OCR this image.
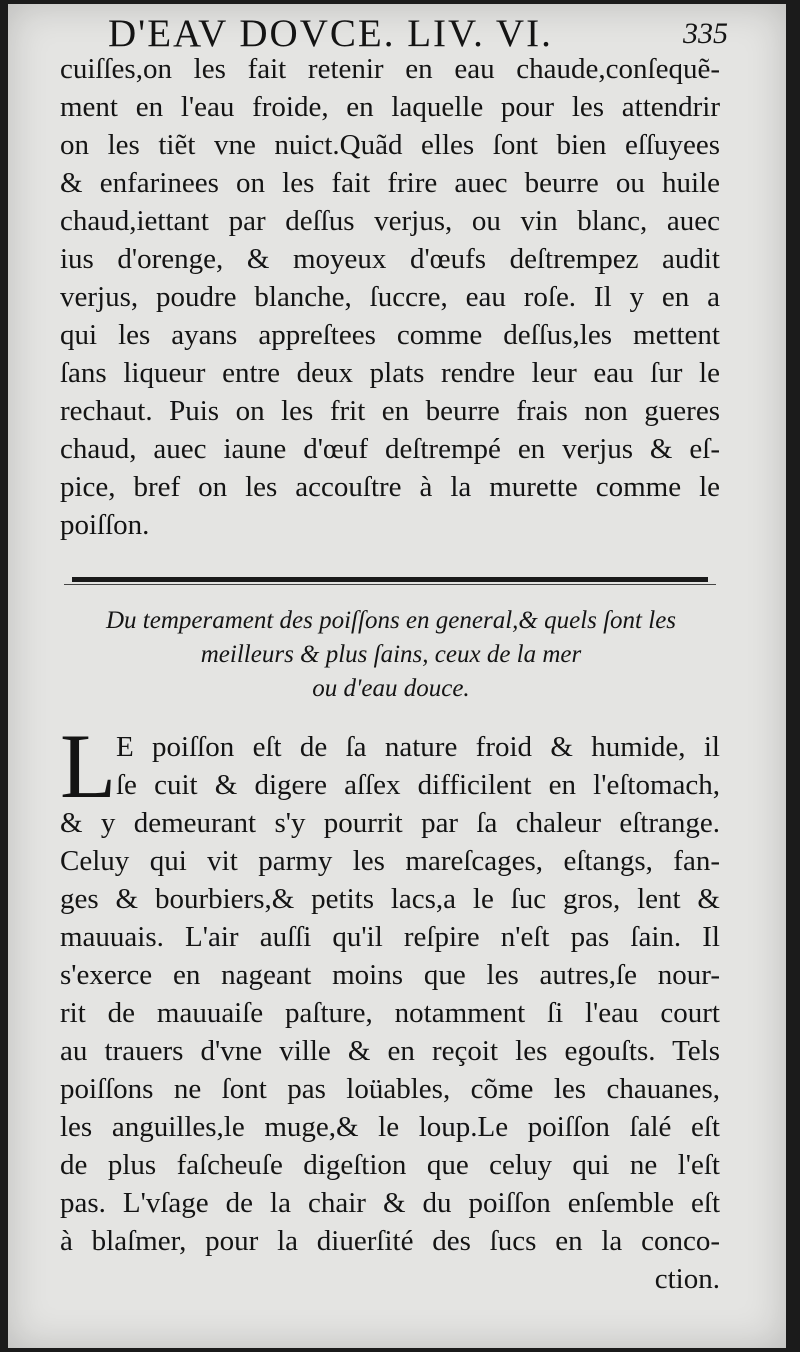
D'EAV DOVCE. LIV. VI.	335
cuiſſes,on les fait retenir en eau chaude,conſequẽ-
ment en l'eau froide, en laquelle pour les attendrir
on les tiẽt vne nuict.Quãd elles ſont bien eſſuyees
& enfarinees on les fait frire auec beurre ou huile
chaud,iettant par deſſus verjus, ou vin blanc, auec
ius d'orenge, & moyeux d'œufs deſtrempez audit
verjus, poudre blanche, ſuccre, eau roſe. Il y en a
qui les ayans appreſtees comme deſſus,les mettent
ſans liqueur entre deux plats rendre leur eau ſur le
rechaut. Puis on les frit en beurre frais non gueres
chaud, auec iaune d'œuf deſtrempé en verjus & eſ-
pice, bref on les accouſtre à la murette comme le
poiſſon.
Du temperament des poiſſons en general,& quels ſont les
meilleurs & plus ſains, ceux de la mer
ou d'eau douce.
L E poiſſon eſt de ſa nature froid & humide, il
ſe cuit & digere aſſex difficilent en l'eſtomach,
& y demeurant s'y pourrit par ſa chaleur eſtrange.
Celuy qui vit parmy les mareſcages, eſtangs, fan-
ges & bourbiers,& petits lacs,a le ſuc gros, lent &
mauuais. L'air auſſi qu'il reſpire n'eſt pas ſain. Il
s'exerce en nageant moins que les autres,ſe nour-
rit de mauuaiſe paſture, notamment ſi l'eau court
au trauers d'vne ville & en reçoit les egouſts. Tels
poiſſons ne ſont pas loüables, cõme les chauanes,
les anguilles,le muge,& le loup.Le poiſſon ſalé eſt
de plus faſcheuſe digeſtion que celuy qui ne l'eſt
pas. L'vſage de la chair & du poiſſon enſemble eſt
à blaſmer, pour la diuerſité des ſucs en la conco-
ction.
